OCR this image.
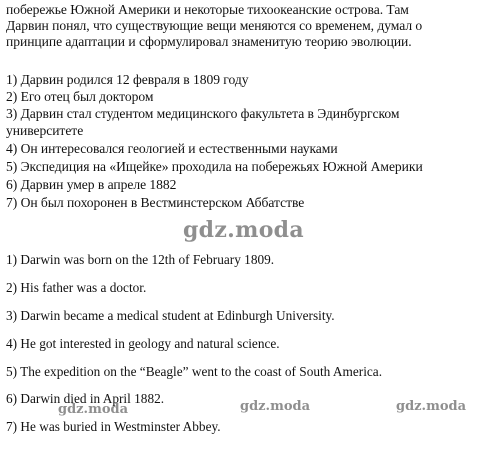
побережье Южной Америки и некоторые тихоокеанские острова. Там
Дарвин понял, что существующие вещи меняются со временем, думал о
принципе адаптации и сформулировал знаменитую теорию эволюции.
1) Дарвин родился 12 февраля в 1809 году
2) Его отец был доктором
3) Дарвин стал студентом медицинского факультета в Эдинбургском
университете
4) Он интересовался геологией и естественными науками
5) Экспедиция на «Ищейке» проходила на побережьях Южной Америки
6) Дарвин умер в апреле 1882
7) Он был похоронен в Вестминстерском Аббатстве
gdz.moda
1) Darwin was born on the 12th of February 1809.
2) His father was a doctor.
3) Darwin became a medical student at Edinburgh University.
4) He got interested in geology and natural science.
5) The expedition on the “Beagle” went to the coast of South America.
6) Darwin died in April 1882.
7) He was buried in Westminster Abbey.
gdz.moda	gdz.moda	gdz.moda
